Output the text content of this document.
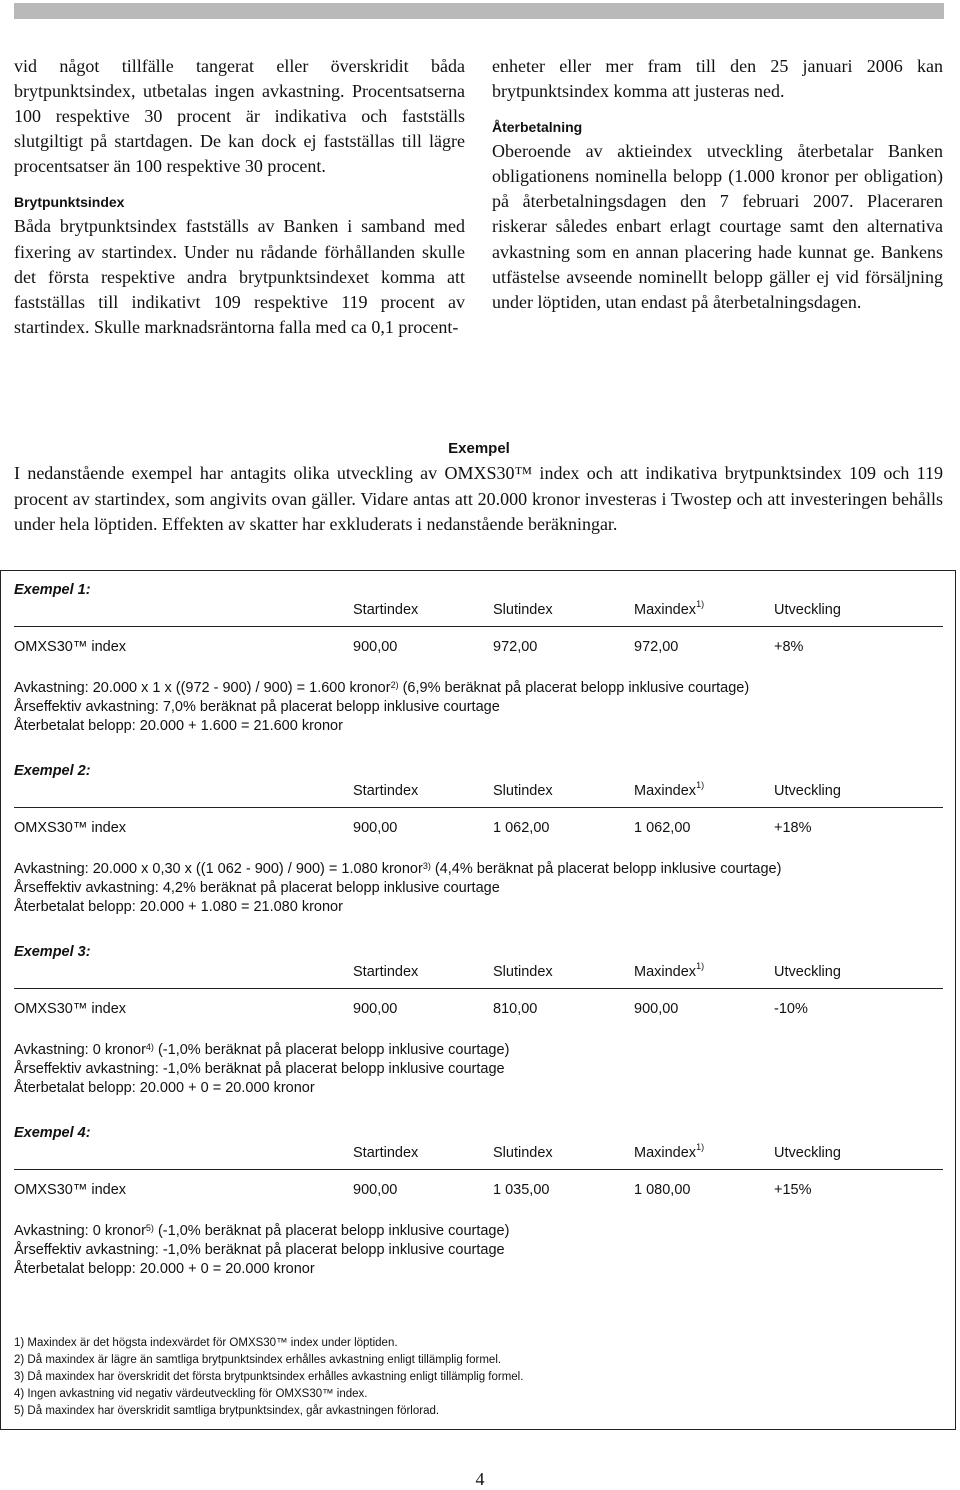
vid något tillfälle tangerat eller överskridit båda brytpunktsindex, utbetalas ingen avkastning. Procentsatserna 100 respektive 30 procent är indikativa och fastställs slutgiltigt på startdagen. De kan dock ej fastställas till lägre procentsatser än 100 respektive 30 procent.

Brytpunktsindex

Båda brytpunktsindex fastställs av Banken i samband med fixering av startindex. Under nu rådande förhållanden skulle det första respektive andra brytpunktsindexet komma att fastställas till indikativt 109 respektive 119 procent av startindex. Skulle marknadsräntorna falla med ca 0,1 procent-

enheter eller mer fram till den 25 januari 2006 kan brytpunktsindex komma att justeras ned.

Återbetalning

Oberoende av aktieindex utveckling återbetalar Banken obligationens nominella belopp (1.000 kronor per obligation) på återbetalningsdagen den 7 februari 2007. Placeraren riskerar således enbart erlagt courtage samt den alternativa avkastning som en annan placering hade kunnat ge. Bankens utfästelse avseende nominellt belopp gäller ej vid försäljning under löptiden, utan endast på återbetalningsdagen.

Exempel

I nedanstående exempel har antagits olika utveckling av OMXS30™ index och att indikativa brytpunktsindex 109 och 119 procent av startindex, som angivits ovan gäller. Vidare antas att 20.000 kronor investeras i Twostep och att investeringen behålls under hela löptiden. Effekten av skatter har exkluderats i nedanstående beräkningar.

Exempel 1:
Startindex	Slutindex	Maxindex$^{1)}$	Utveckling
OMXS30™ index	900,00	972,00	972,00	+8%
Avkastning: 20.000 x 1 x ((972 - 900) / 900) = 1.600 kronor$^{2)}$ (6,9% beräknat på placerat belopp inklusive courtage)
Årseffektiv avkastning: 7,0% beräknat på placerat belopp inklusive courtage
Återbetalat belopp: 20.000 + 1.600 = 21.600 kronor
Exempel 2:
Startindex	Slutindex	Maxindex$^{1)}$	Utveckling
OMXS30™ index	900,00	1 062,00	1 062,00	+18%
Avkastning: 20.000 x 0,30 x ((1 062 - 900) / 900) = 1.080 kronor$^{3)}$ (4,4% beräknat på placerat belopp inklusive courtage)
Årseffektiv avkastning: 4,2% beräknat på placerat belopp inklusive courtage
Återbetalat belopp: 20.000 + 1.080 = 21.080 kronor
Exempel 3:
Startindex	Slutindex	Maxindex$^{1)}$	Utveckling
OMXS30™ index	900,00	810,00	900,00	-10%
Avkastning: 0 kronor$^{4)}$ (-1,0% beräknat på placerat belopp inklusive courtage)
Årseffektiv avkastning: -1,0% beräknat på placerat belopp inklusive courtage
Återbetalat belopp: 20.000 + 0 = 20.000 kronor
Exempel 4:
Startindex	Slutindex	Maxindex$^{1)}$	Utveckling
OMXS30™ index	900,00	1 035,00	1 080,00	+15%
Avkastning: 0 kronor$^{5)}$ (-1,0% beräknat på placerat belopp inklusive courtage)
Årseffektiv avkastning: -1,0% beräknat på placerat belopp inklusive courtage
Återbetalat belopp: 20.000 + 0 = 20.000 kronor
1) Maxindex är det högsta indexvärdet för OMXS30™ index under löptiden.
2) Då maxindex är lägre än samtliga brytpunktsindex erhålles avkastning enligt tillämplig formel.
3) Då maxindex har överskridit det första brytpunktsindex erhålles avkastning enligt tillämplig formel.
4) Ingen avkastning vid negativ värdeutveckling för OMXS30™ index.
5) Då maxindex har överskridit samtliga brytpunktsindex, går avkastningen förlorad.
4
